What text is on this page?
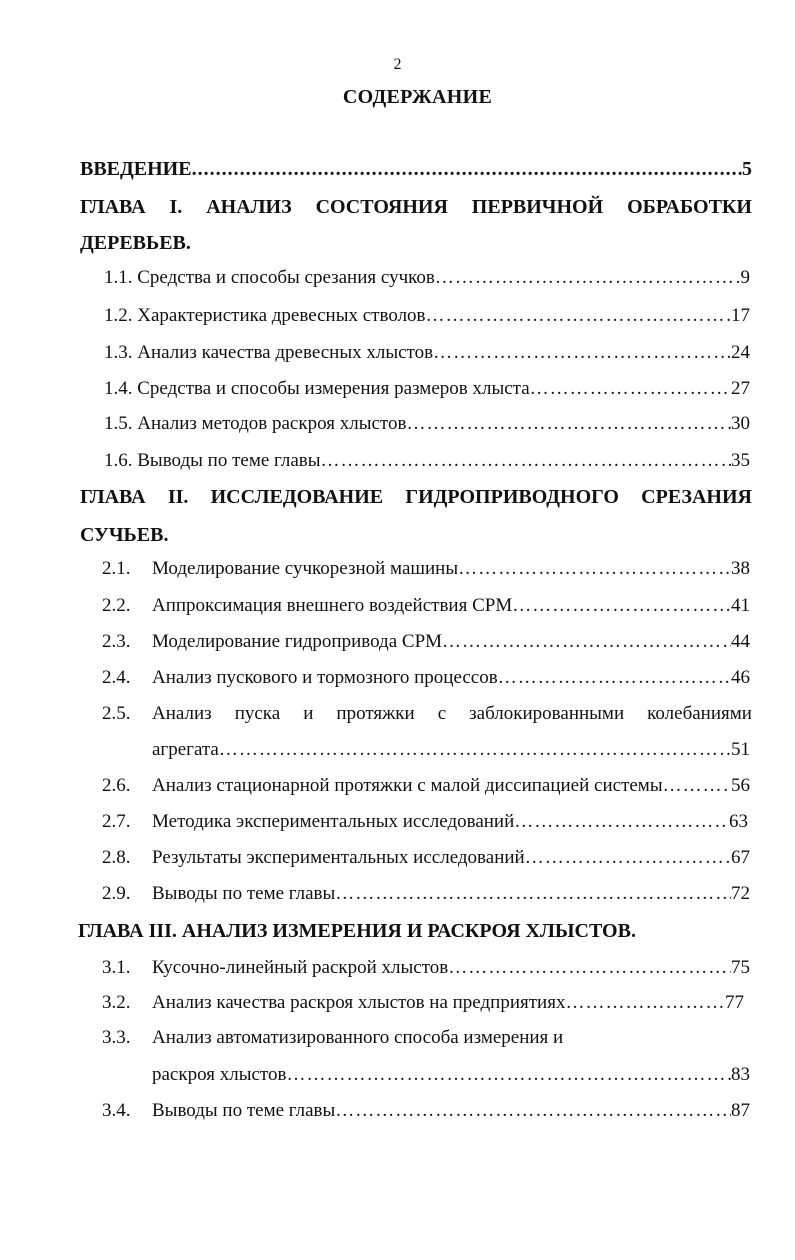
2
СОДЕРЖАНИЕ
ВВЕДЕНИЕ .....	5
ГЛАВА I. АНАЛИЗ СОСТОЯНИЯ ПЕРВИЧНОЙ ОБРАБОТКИ
ДЕРЕВЬЕВ.
1.1. Средства и способы срезания сучков ……………………………………………………………………………………………………………………………………………………	9
1.2. Характеристика древесных стволов ……………………………………………………………………………………………………………………………………………………	17
1.3. Анализ качества древесных хлыстов ……………………………………………………………………………………………………………………………………………………	24
1.4. Средства и способы измерения размеров хлыста ……………………………………………………………………………………………………………………………………………………	27
1.5. Анализ методов раскроя хлыстов ……………………………………………………………………………………………………………………………………………………	30
1.6. Выводы по теме главы ……………………………………………………………………………………………………………………………………………………	35
ГЛАВА II. ИССЛЕДОВАНИЕ ГИДРОПРИВОДНОГО СРЕЗАНИЯ
СУЧЬЕВ.
2.1.	Моделирование сучкорезной машины ……………………………………………………………………………………………………………………………………………………	38
2.2.	Аппроксимация внешнего воздействия СРМ ……………………………………………………………………………………………………………………………………………………	41
2.3.	Моделирование гидропривода СРМ ……………………………………………………………………………………………………………………………………………………	44
2.4.	Анализ пускового и тормозного процессов ……………………………………………………………………………………………………………………………………………………	46
2.5.	Анализ пуска и протяжки с заблокированными колебаниями
агрегата ……………………………………………………………………………………………………………………………………………………	51
2.6.	Анализ стационарной протяжки с малой диссипацией системы ……………………………………………………………………………………………………………………………………………………	56
2.7.	Методика экспериментальных исследований ……………………………………………………………………………………………………………………………………………………	63
2.8.	Результаты экспериментальных исследований ……………………………………………………………………………………………………………………………………………………	67
2.9.	Выводы по теме главы ……………………………………………………………………………………………………………………………………………………	72
ГЛАВА III. АНАЛИЗ ИЗМЕРЕНИЯ И РАСКРОЯ ХЛЫСТОВ.
3.1.	Кусочно-линейный раскрой хлыстов ……………………………………………………………………………………………………………………………………………………	75
3.2.	Анализ качества раскроя хлыстов на предприятиях ……………………………………………………………………………………………………………………………………………………	77
3.3. Анализ автоматизированного способа измерения и
раскроя хлыстов ……………………………………………………………………………………………………………………………………………………	83
3.4.	Выводы по теме главы ……………………………………………………………………………………………………………………………………………………	87
